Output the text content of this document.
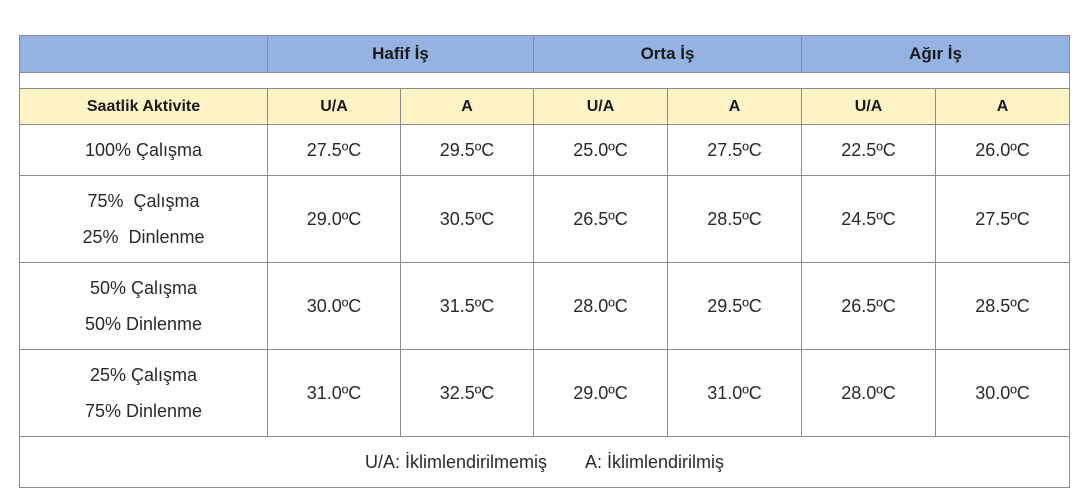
	Hafif İş		Orta İş		Ağır İş	

Saatlik Aktivite	U/A	A	U/A	A	U/A	A
100% Çalışma	27.5ºC	29.5ºC	25.0ºC	27.5ºC	22.5ºC	26.0ºC

75%  Çalışma
25%  Dinlenme	29.0ºC	30.5ºC	26.5ºC	28.5ºC	24.5ºC	27.5ºC

50% Çalışma
50% Dinlenme	30.0ºC	31.5ºC	28.0ºC	29.5ºC	26.5ºC	28.5ºC

25% Çalışma
75% Dinlenme	31.0ºC	32.5ºC	29.0ºC	31.0ºC	28.0ºC	30.0ºC
U/A: İklimlendirilmemiş A: İklimlendirilmiş						
